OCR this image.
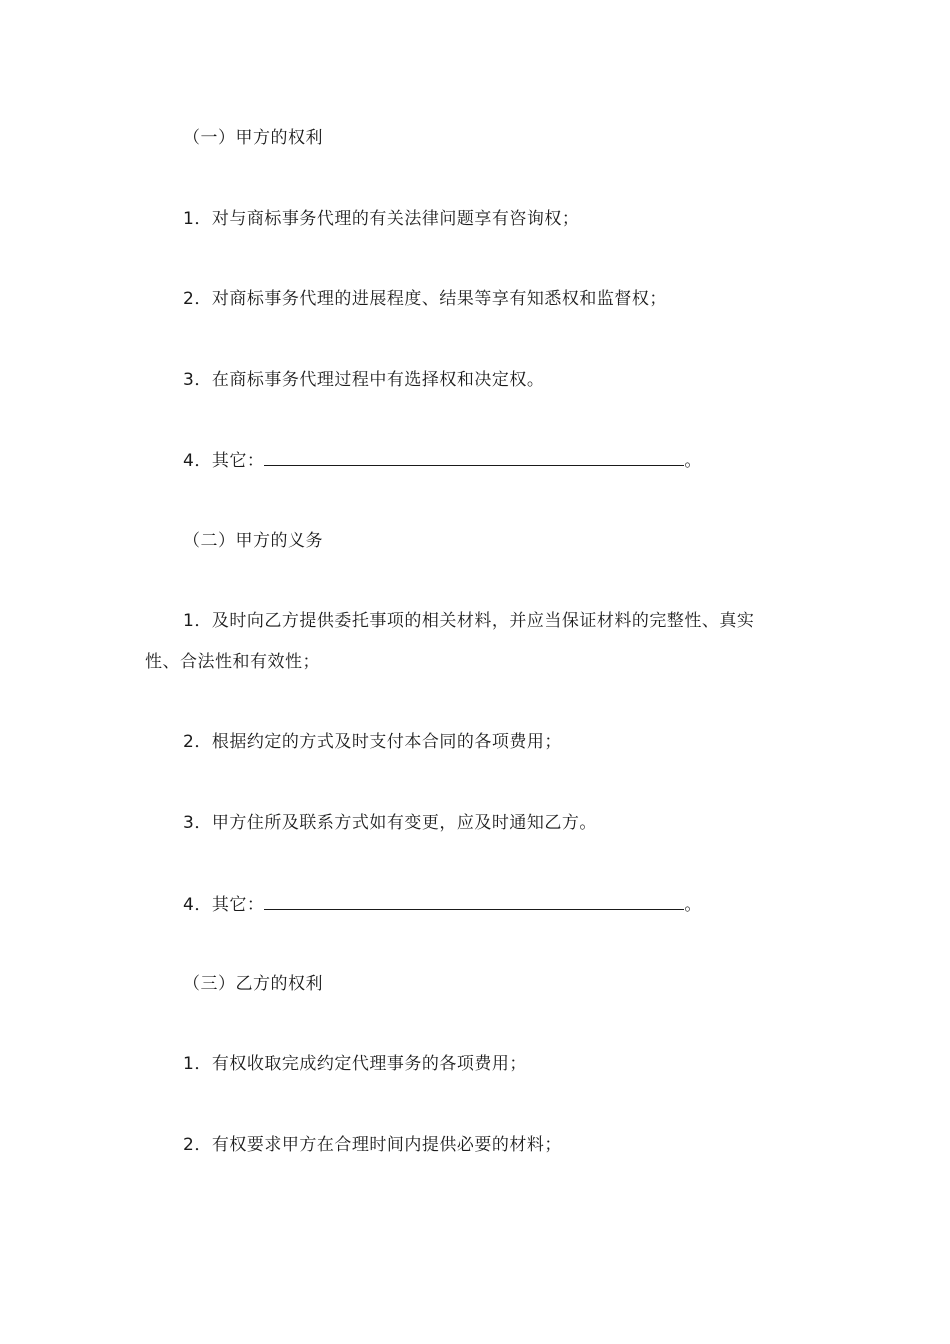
（一）甲方的权利
1．对与商标事务代理的有关法律问题享有咨询权；
2．对商标事务代理的进展程度、结果等享有知悉权和监督权；
3．在商标事务代理过程中有选择权和决定权。
4．其它：	。
（二）甲方的义务
1．及时向乙方提供委托事项的相关材料，并应当保证材料的完整性、真实
性、合法性和有效性；
2．根据约定的方式及时支付本合同的各项费用；
3．甲方住所及联系方式如有变更，应及时通知乙方。
4．其它：	。
（三）乙方的权利
1．有权收取完成约定代理事务的各项费用；
2．有权要求甲方在合理时间内提供必要的材料；
